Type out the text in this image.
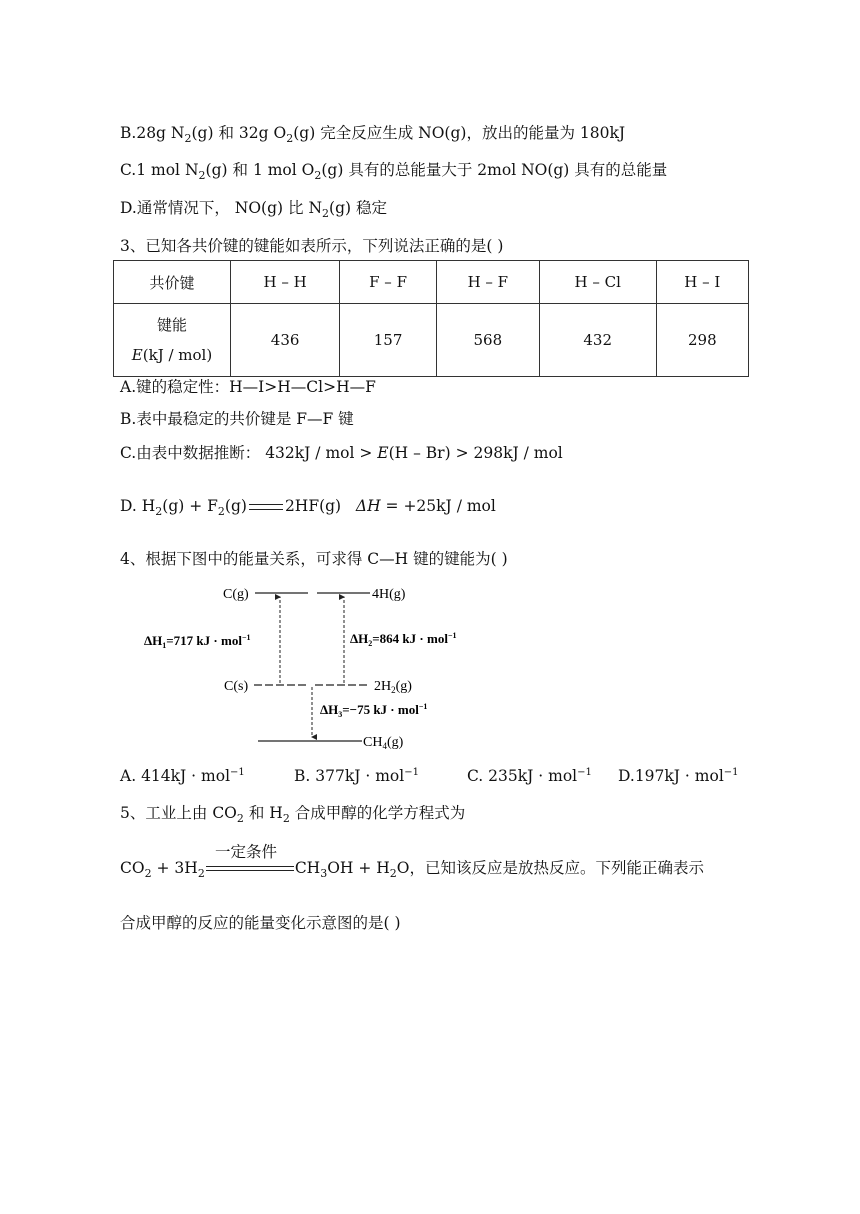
B.28g $N_2(g)$ 和 32g $O_2(g)$ 完全反应生成 NO(g)，放出的能量为 180kJ
C.1 mol $N_2(g)$ 和 1 mol $O_2(g)$ 具有的总能量大于 2mol NO(g) 具有的总能量
D.通常情况下， NO(g) 比 $N_2(g)$ 稳定
3、已知各共价键的键能如表所示，下列说法正确的是( )
共价键	H – H	F – F	H – F	H – Cl	H – I
键能
E(kJ / mol)	436	157	568	432	298
A.键的稳定性：H—I>H—Cl>H—F
B.表中最稳定的共价键是 F—F 键
C.由表中数据推断： 432kJ / mol > E(H – Br) > 298kJ / mol
D. $H_2(g) + F_2(g)$ 2HF(g) ΔH = +25kJ / mol
4、根据下图中的能量关系，可求得 C—H 键的键能为( )
C(g)	4H(g)
C(s)	$2H_2(g)$
$CH_4(g)$
$\Delta H_1=717$ kJ · mol$^{-1}$	$\Delta H_2=864$ kJ · mol$^{-1}$
$\Delta H_3=-75$ kJ · mol$^{-1}$
A. 414kJ · mol$^{-1}$	B. 377kJ · mol$^{-1}$	C. 235kJ · mol$^{-1}$ D.197kJ · mol$^{-1}$
5、工业上由 $CO_2$ 和 $H_2$ 合成甲醇的化学方程式为
一定条件
$CO_2 + 3H_2$	$CH_3OH + H_2O$，已知该反应是放热反应。下列能正确表示
合成甲醇的反应的能量变化示意图的是( )
